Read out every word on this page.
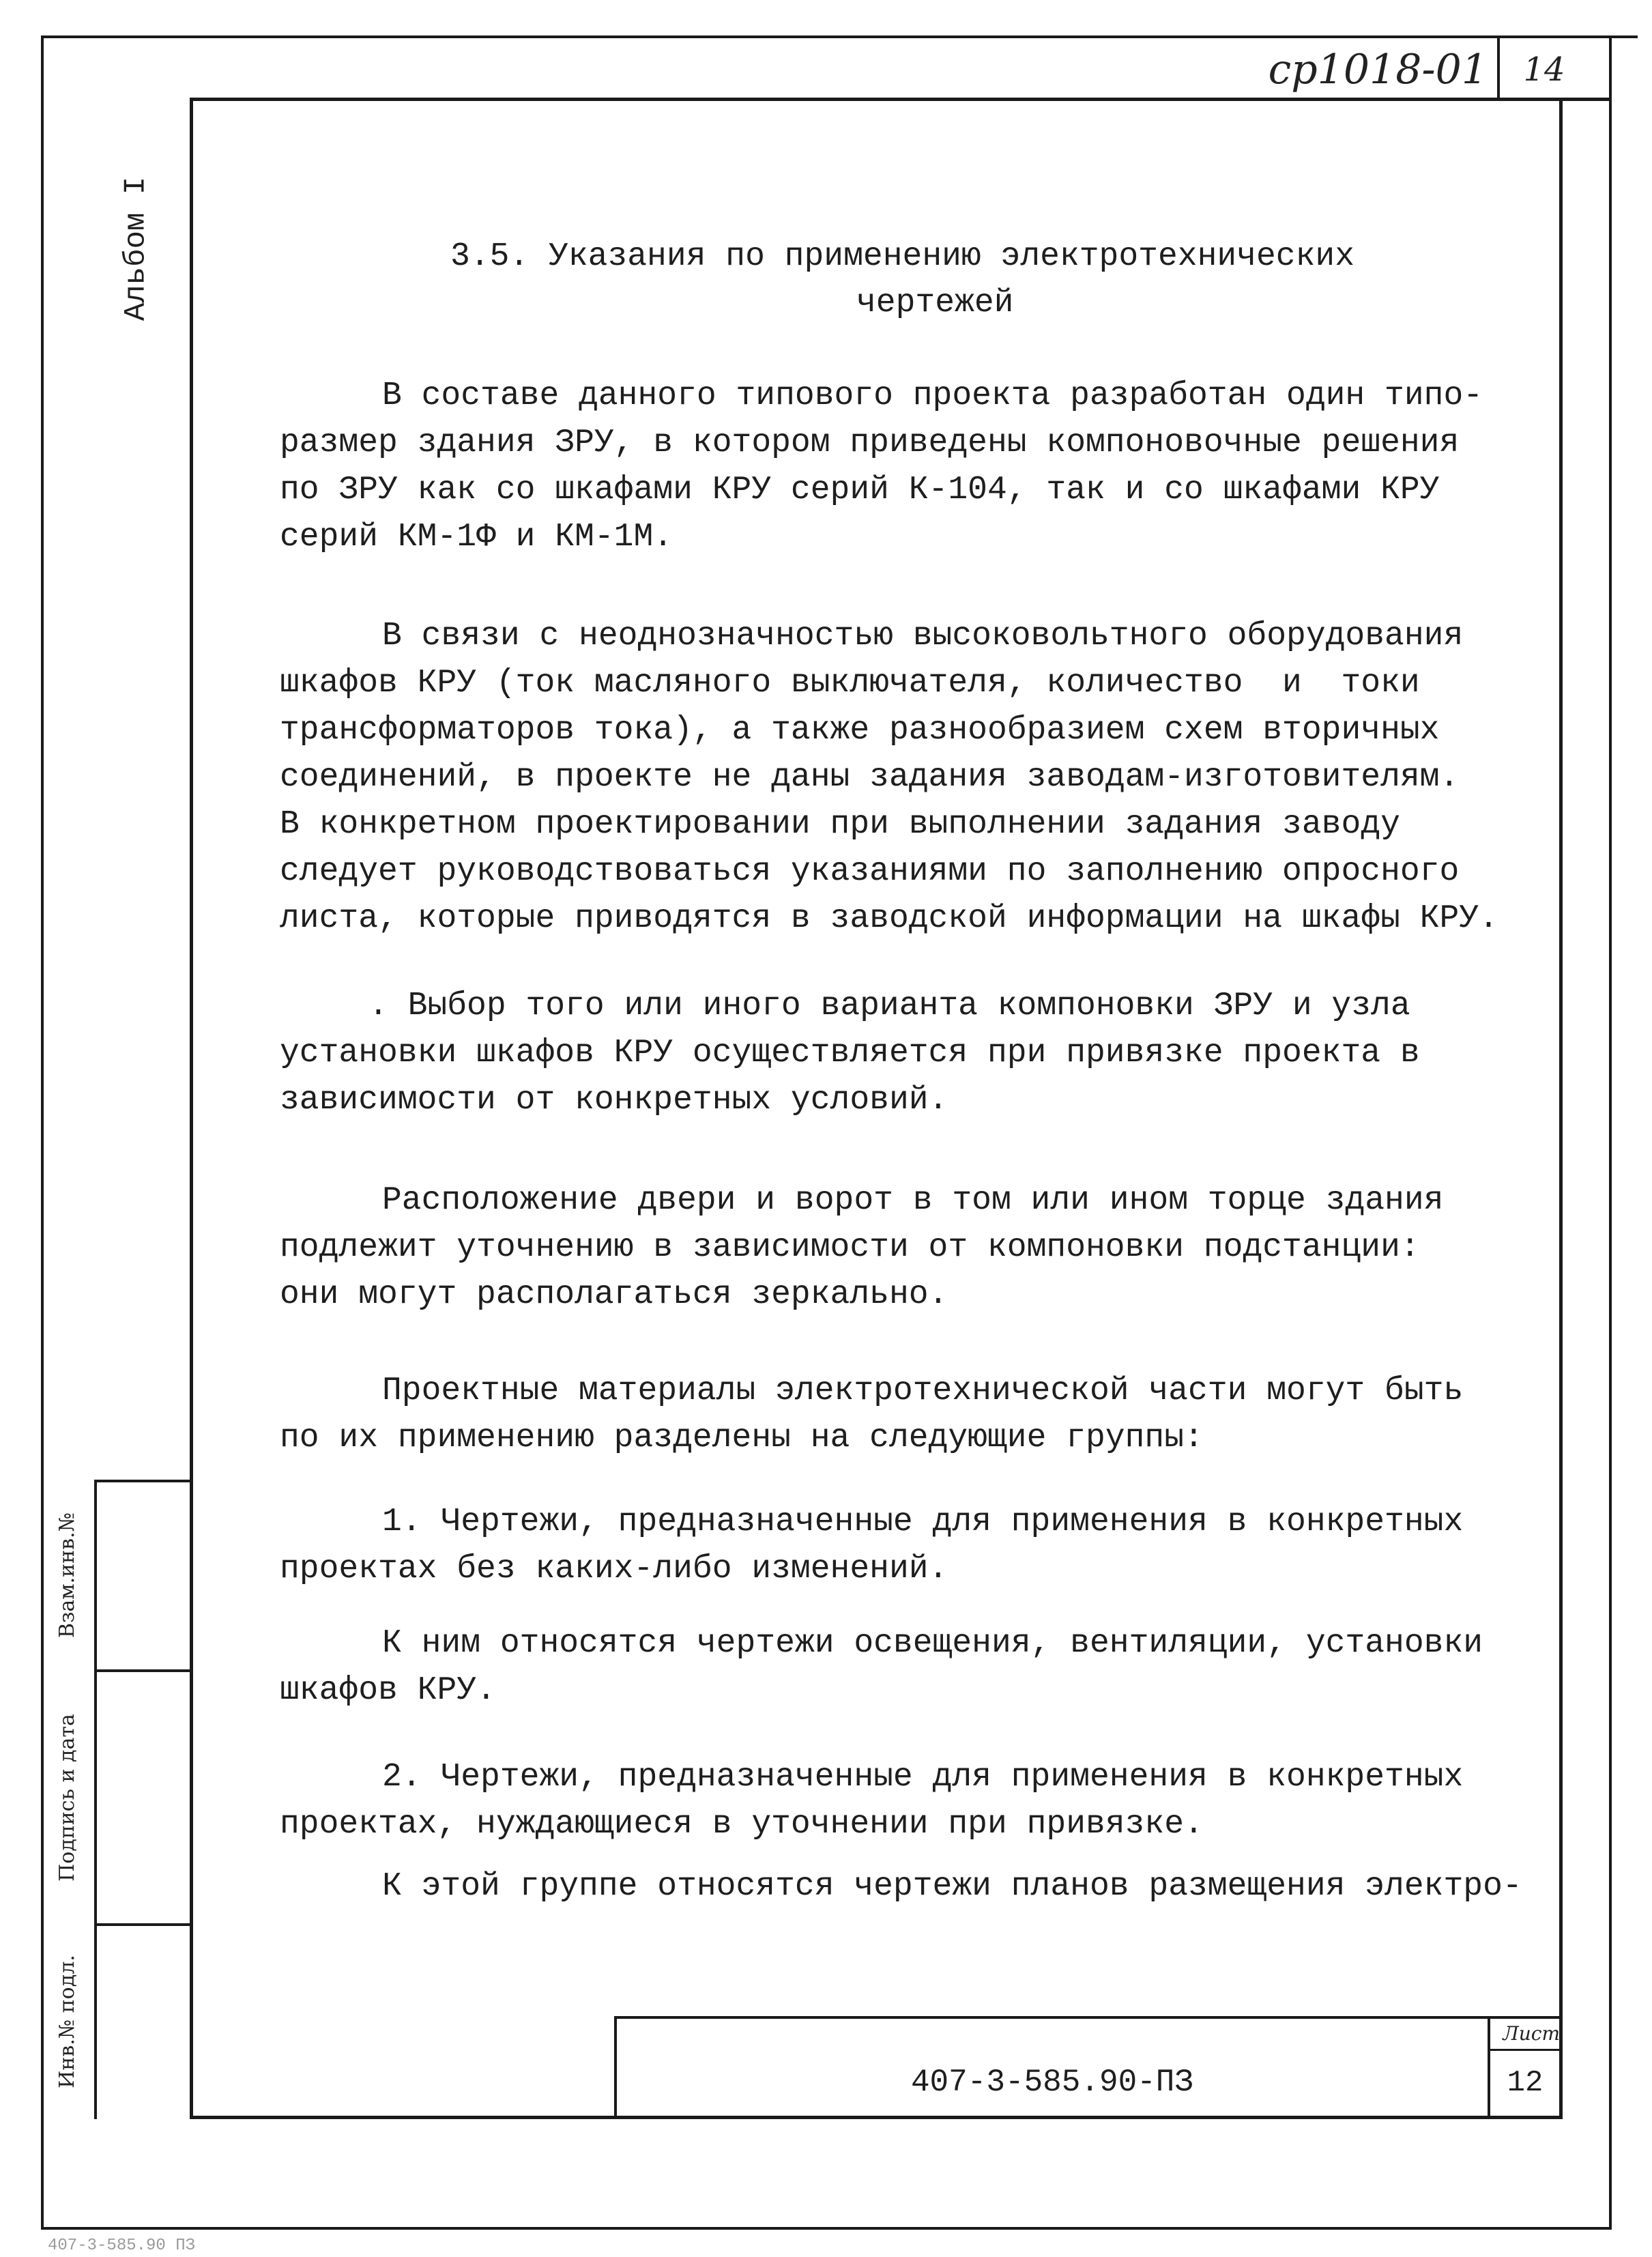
cp1018-01	14
Альбом I
Взам.инв.№
Подпись и дата
Инв.№ подл.
3.5. Указания по применению электротехнических
чертежей

В составе данного типового проекта разработан один типо-

размер здания ЗРУ, в котором приведены компоновочные решения

по ЗРУ как со шкафами КРУ серий К-104, так и со шкафами КРУ

серий КМ-1Ф и КМ-1М.

В связи с неоднозначностью высоковольтного оборудования

шкафов КРУ (ток масляного выключателя, количество  и  токи

трансформаторов тока), а также разнообразием схем вторичных

соединений, в проекте не даны задания заводам-изготовителям.

В конкретном проектировании при выполнении задания заводу

следует руководствоваться указаниями по заполнению опросного

листа, которые приводятся в заводской информации на шкафы КРУ.

. Выбор того или иного варианта компоновки ЗРУ и узла

установки шкафов КРУ осуществляется при привязке проекта в

зависимости от конкретных условий.

Расположение двери и ворот в том или ином торце здания

подлежит уточнению в зависимости от компоновки подстанции:

они могут располагаться зеркально.

Проектные материалы электротехнической части могут быть

по их применению разделены на следующие группы:

1. Чертежи, предназначенные для применения в конкретных

проектах без каких-либо изменений.

К ним относятся чертежи освещения, вентиляции, установки

шкафов КРУ.

2. Чертежи, предназначенные для применения в конкретных

проектах, нуждающиеся в уточнении при привязке.

К этой группе относятся чертежи планов размещения электро-

407-3-585.90-ПЗ
Лист
12
407-3-585.90 ПЗ
